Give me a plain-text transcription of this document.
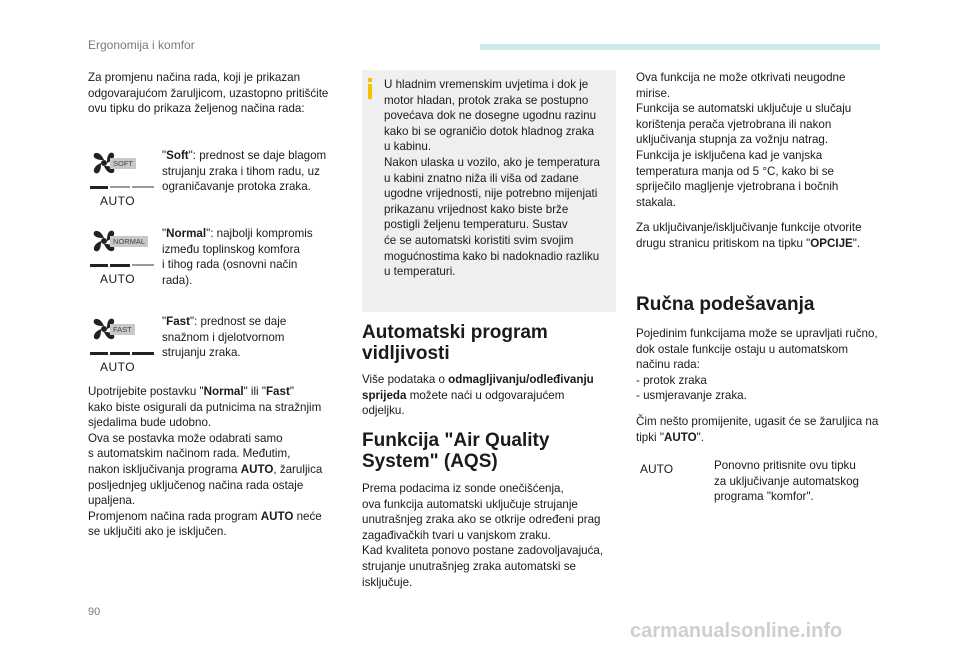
Ergonomija i komfor

Za promjenu načina rada, koji je prikazan
odgovarajućom žaruljicom, uzastopno pritišćite
ovu tipku do prikaza željenog načina rada:

SOFT
AUTO

"Soft": prednost se daje blagom
strujanju zraka i tihom radu, uz
ograničavanje protoka zraka.

NORMAL
AUTO

"Normal": najbolji kompromis
između toplinskog komfora
i tihog rada (osnovni način
rada).

FAST
AUTO

"Fast": prednost se daje
snažnom i djelotvornom
strujanju zraka.

Upotrijebite postavku "Normal" ili "Fast"
kako biste osigurali da putnicima na stražnjim
sjedalima bude udobno.
Ova se postavka može odabrati samo
s automatskim načinom rada. Međutim,
nakon isključivanja programa AUTO, žaruljica
posljednjeg uključenog načina rada ostaje
upaljena.
Promjenom načina rada program AUTO neće
se uključiti ako je isključen.

U hladnim vremenskim uvjetima i dok je
motor hladan, protok zraka se postupno
povećava dok ne dosegne ugodnu razinu
kako bi se ograničio dotok hladnog zraka
u kabinu.
Nakon ulaska u vozilo, ako je temperatura
u kabini znatno niža ili viša od zadane
ugodne vrijednosti, nije potrebno mijenjati
prikazanu vrijednost kako biste brže
postigli željenu temperaturu. Sustav
će se automatski koristiti svim svojim
mogućnostima kako bi nadoknadio razliku
u temperaturi.

Automatski program
vidljivosti

Više podataka o odmagljivanju/odleđivanju
sprijeda možete naći u odgovarajućem
odjeljku.

Funkcija "Air Quality
System" (AQS)

Prema podacima iz sonde onečišćenja,
ova funkcija automatski uključuje strujanje
unutrašnjeg zraka ako se otkrije određeni prag
zagađivačkih tvari u vanjskom zraku.
Kad kvaliteta ponovo postane zadovoljavajuća,
strujanje unutrašnjeg zraka automatski se
isključuje.

Ova funkcija ne može otkrivati neugodne
mirise.
Funkcija se automatski uključuje u slučaju
korištenja perača vjetrobrana ili nakon
uključivanja stupnja za vožnju natrag.
Funkcija je isključena kad je vanjska
temperatura manja od 5 °C, kako bi se
spriječilo magljenje vjetrobrana i bočnih
stakala.

Za uključivanje/isključivanje funkcije otvorite
drugu stranicu pritiskom na tipku "OPCIJE".

Ručna podešavanja

Pojedinim funkcijama može se upravljati ručno,
dok ostale funkcije ostaju u automatskom
načinu rada:
- protok zraka
- usmjeravanje zraka.

Čim nešto promijenite, ugasit će se žaruljica na
tipki "AUTO".

AUTO	Ponovno pritisnite ovu tipku
za uključivanje automatskog
programa "komfor".

90
carmanualsonline.info
